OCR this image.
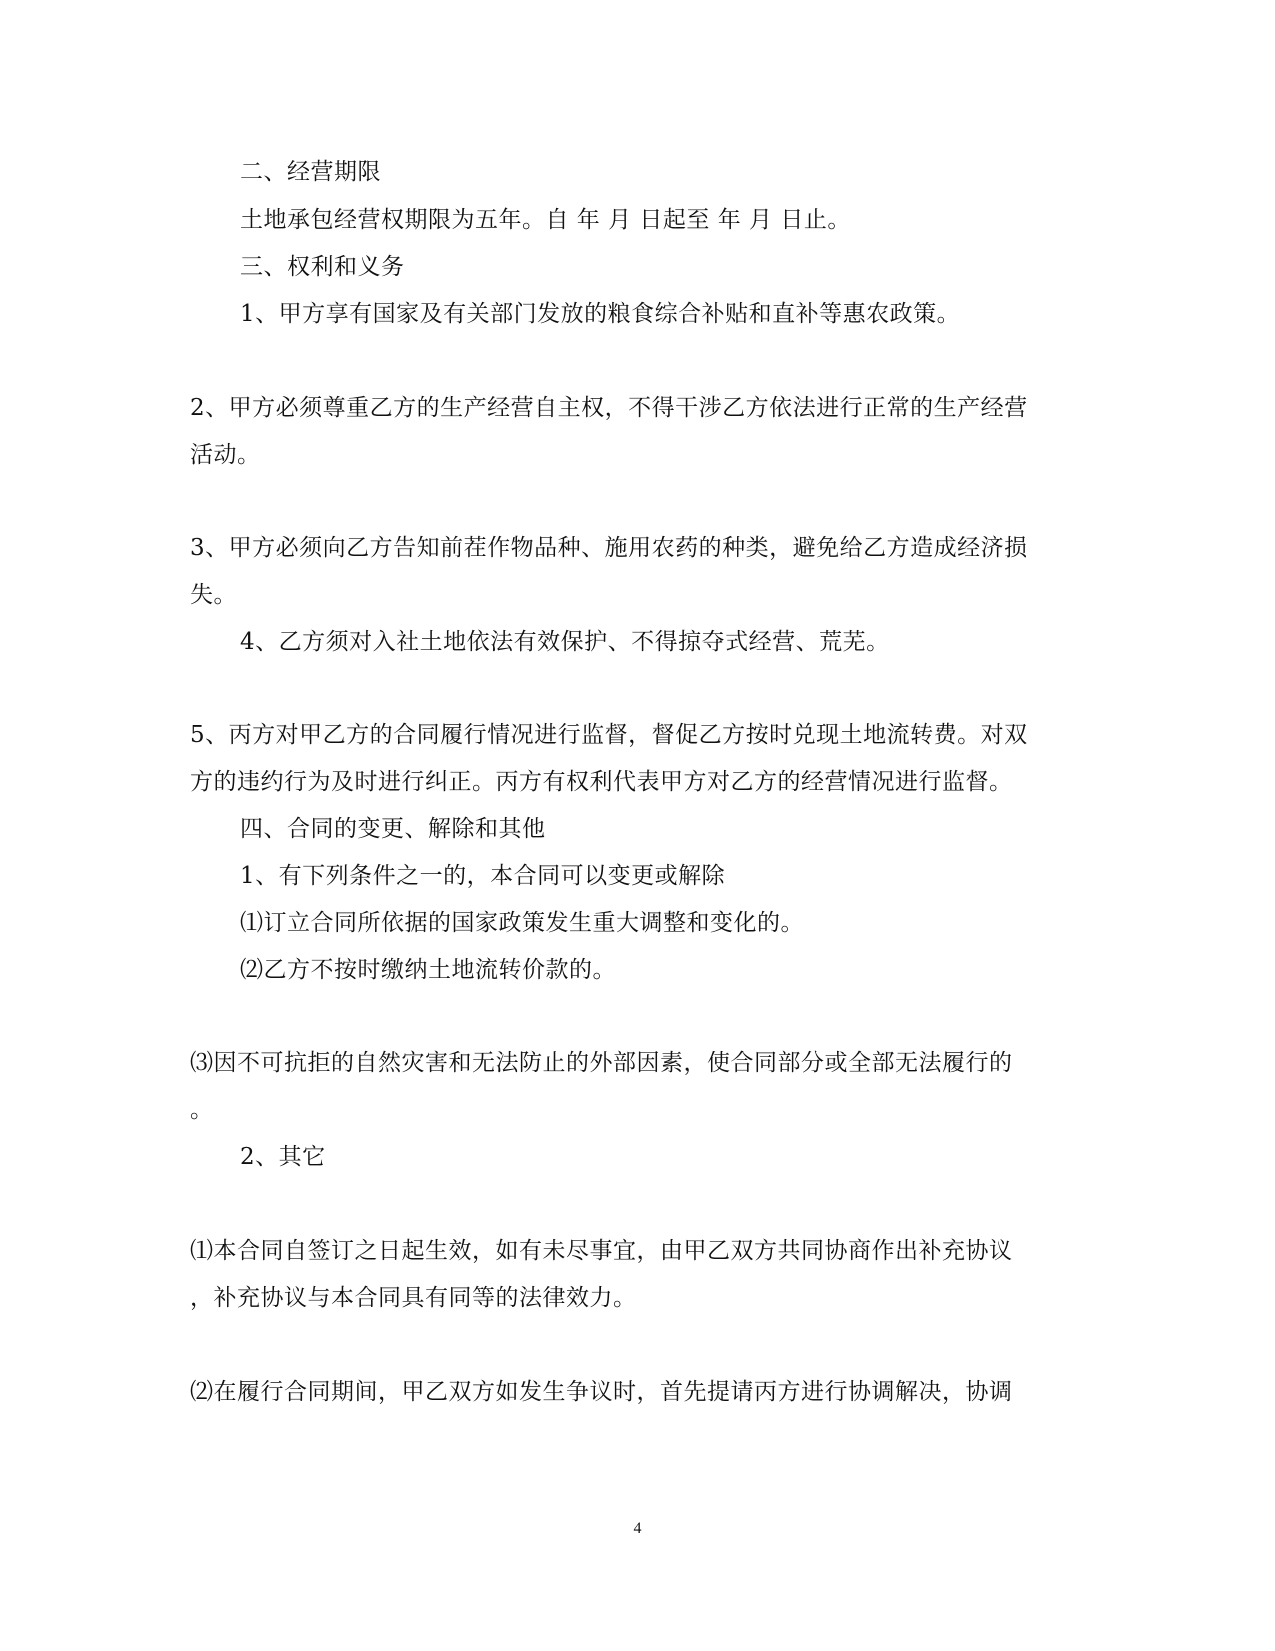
二、经营期限
土地承包经营权期限为五年。自 年 月 日起至 年 月 日止。
三、权利和义务
1、甲方享有国家及有关部门发放的粮食综合补贴和直补等惠农政策。
2、甲方必须尊重乙方的生产经营自主权，不得干涉乙方依法进行正常的生产经营
活动。
3、甲方必须向乙方告知前茬作物品种、施用农药的种类，避免给乙方造成经济损
失。
4、乙方须对入社土地依法有效保护、不得掠夺式经营、荒芜。
5、丙方对甲乙方的合同履行情况进行监督，督促乙方按时兑现土地流转费。对双
方的违约行为及时进行纠正。丙方有权利代表甲方对乙方的经营情况进行监督。
四、合同的变更、解除和其他
1、有下列条件之一的，本合同可以变更或解除
⑴订立合同所依据的国家政策发生重大调整和变化的。
⑵乙方不按时缴纳土地流转价款的。
⑶因不可抗拒的自然灾害和无法防止的外部因素，使合同部分或全部无法履行的
。
2、其它
⑴本合同自签订之日起生效，如有未尽事宜，由甲乙双方共同协商作出补充协议
，补充协议与本合同具有同等的法律效力。
⑵在履行合同期间，甲乙双方如发生争议时，首先提请丙方进行协调解决，协调
4
